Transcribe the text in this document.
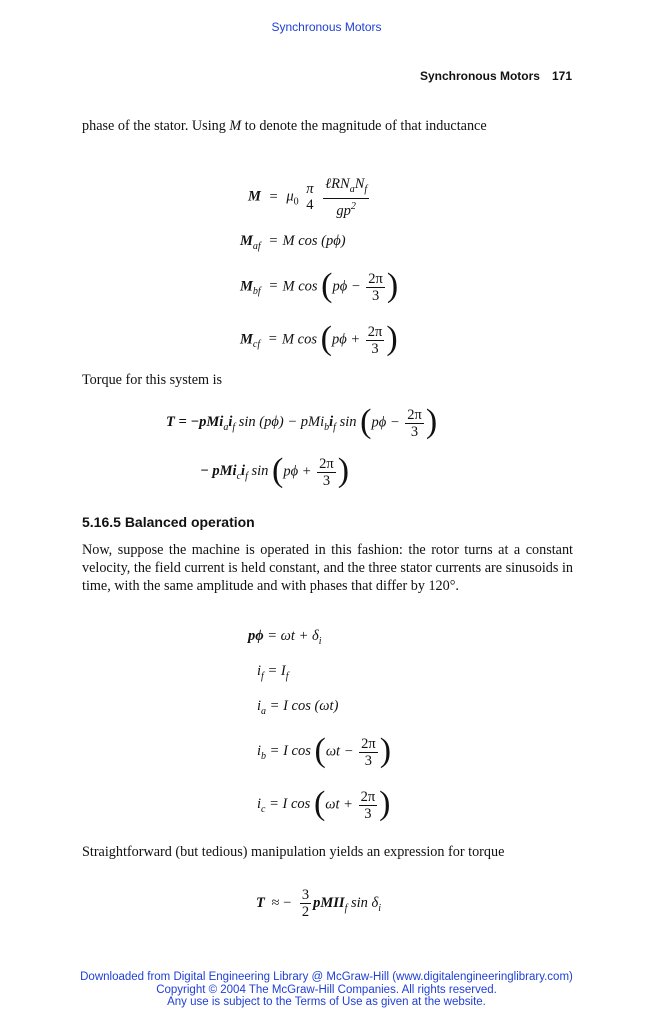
Synchronous Motors
Synchronous Motors 171
phase of the stator. Using M to denote the magnitude of that inductance
$M = \mu_0$
π
4
$\frac{\ell RN_aN_f}{gp^2}$
$M_{af} = M$ cos (pϕ)
$M_{bf} = M$ $\cos (p\phi - \frac{2\pi}{3}$ )
$M_{cf} = M$ $\cos (p\phi + \frac{2\pi}{3}$ )
Torque for this system is
$T = -pMi_ai_f$ $\sin (p\phi) - pMi_bi_f$ $\sin (p\phi - \frac{2\pi}{3}$ )
− $pMi_ci_f$ $\sin (p\phi + \frac{2\pi}{3}$ )
5.16.5 Balanced operation
Now, suppose the machine is operated in this fashion: the rotor turns at a constant velocity, the field current is held constant, and the three stator currents are sinusoids in time, with the same amplitude and with phases that differ by 120°.
$p\phi = \omega t + \delta_i$
$i_f = I_f$
$i_a = I$ cos (ωt)
$i_b = I$ $\cos (\omega t - \frac{2\pi}{3}$ )
$i_c = I$ $\cos (\omega t + \frac{2\pi}{3}$ )
Straightforward (but tedious) manipulation yields an expression for torque
T ≈ − $\frac{3}{2}$ pMII$_f$ $\sin \delta_i$
Downloaded from Digital Engineering Library @ McGraw-Hill (www.digitalengineeringlibrary.com)
Copyright © 2004 The McGraw-Hill Companies. All rights reserved.
Any use is subject to the Terms of Use as given at the website.
